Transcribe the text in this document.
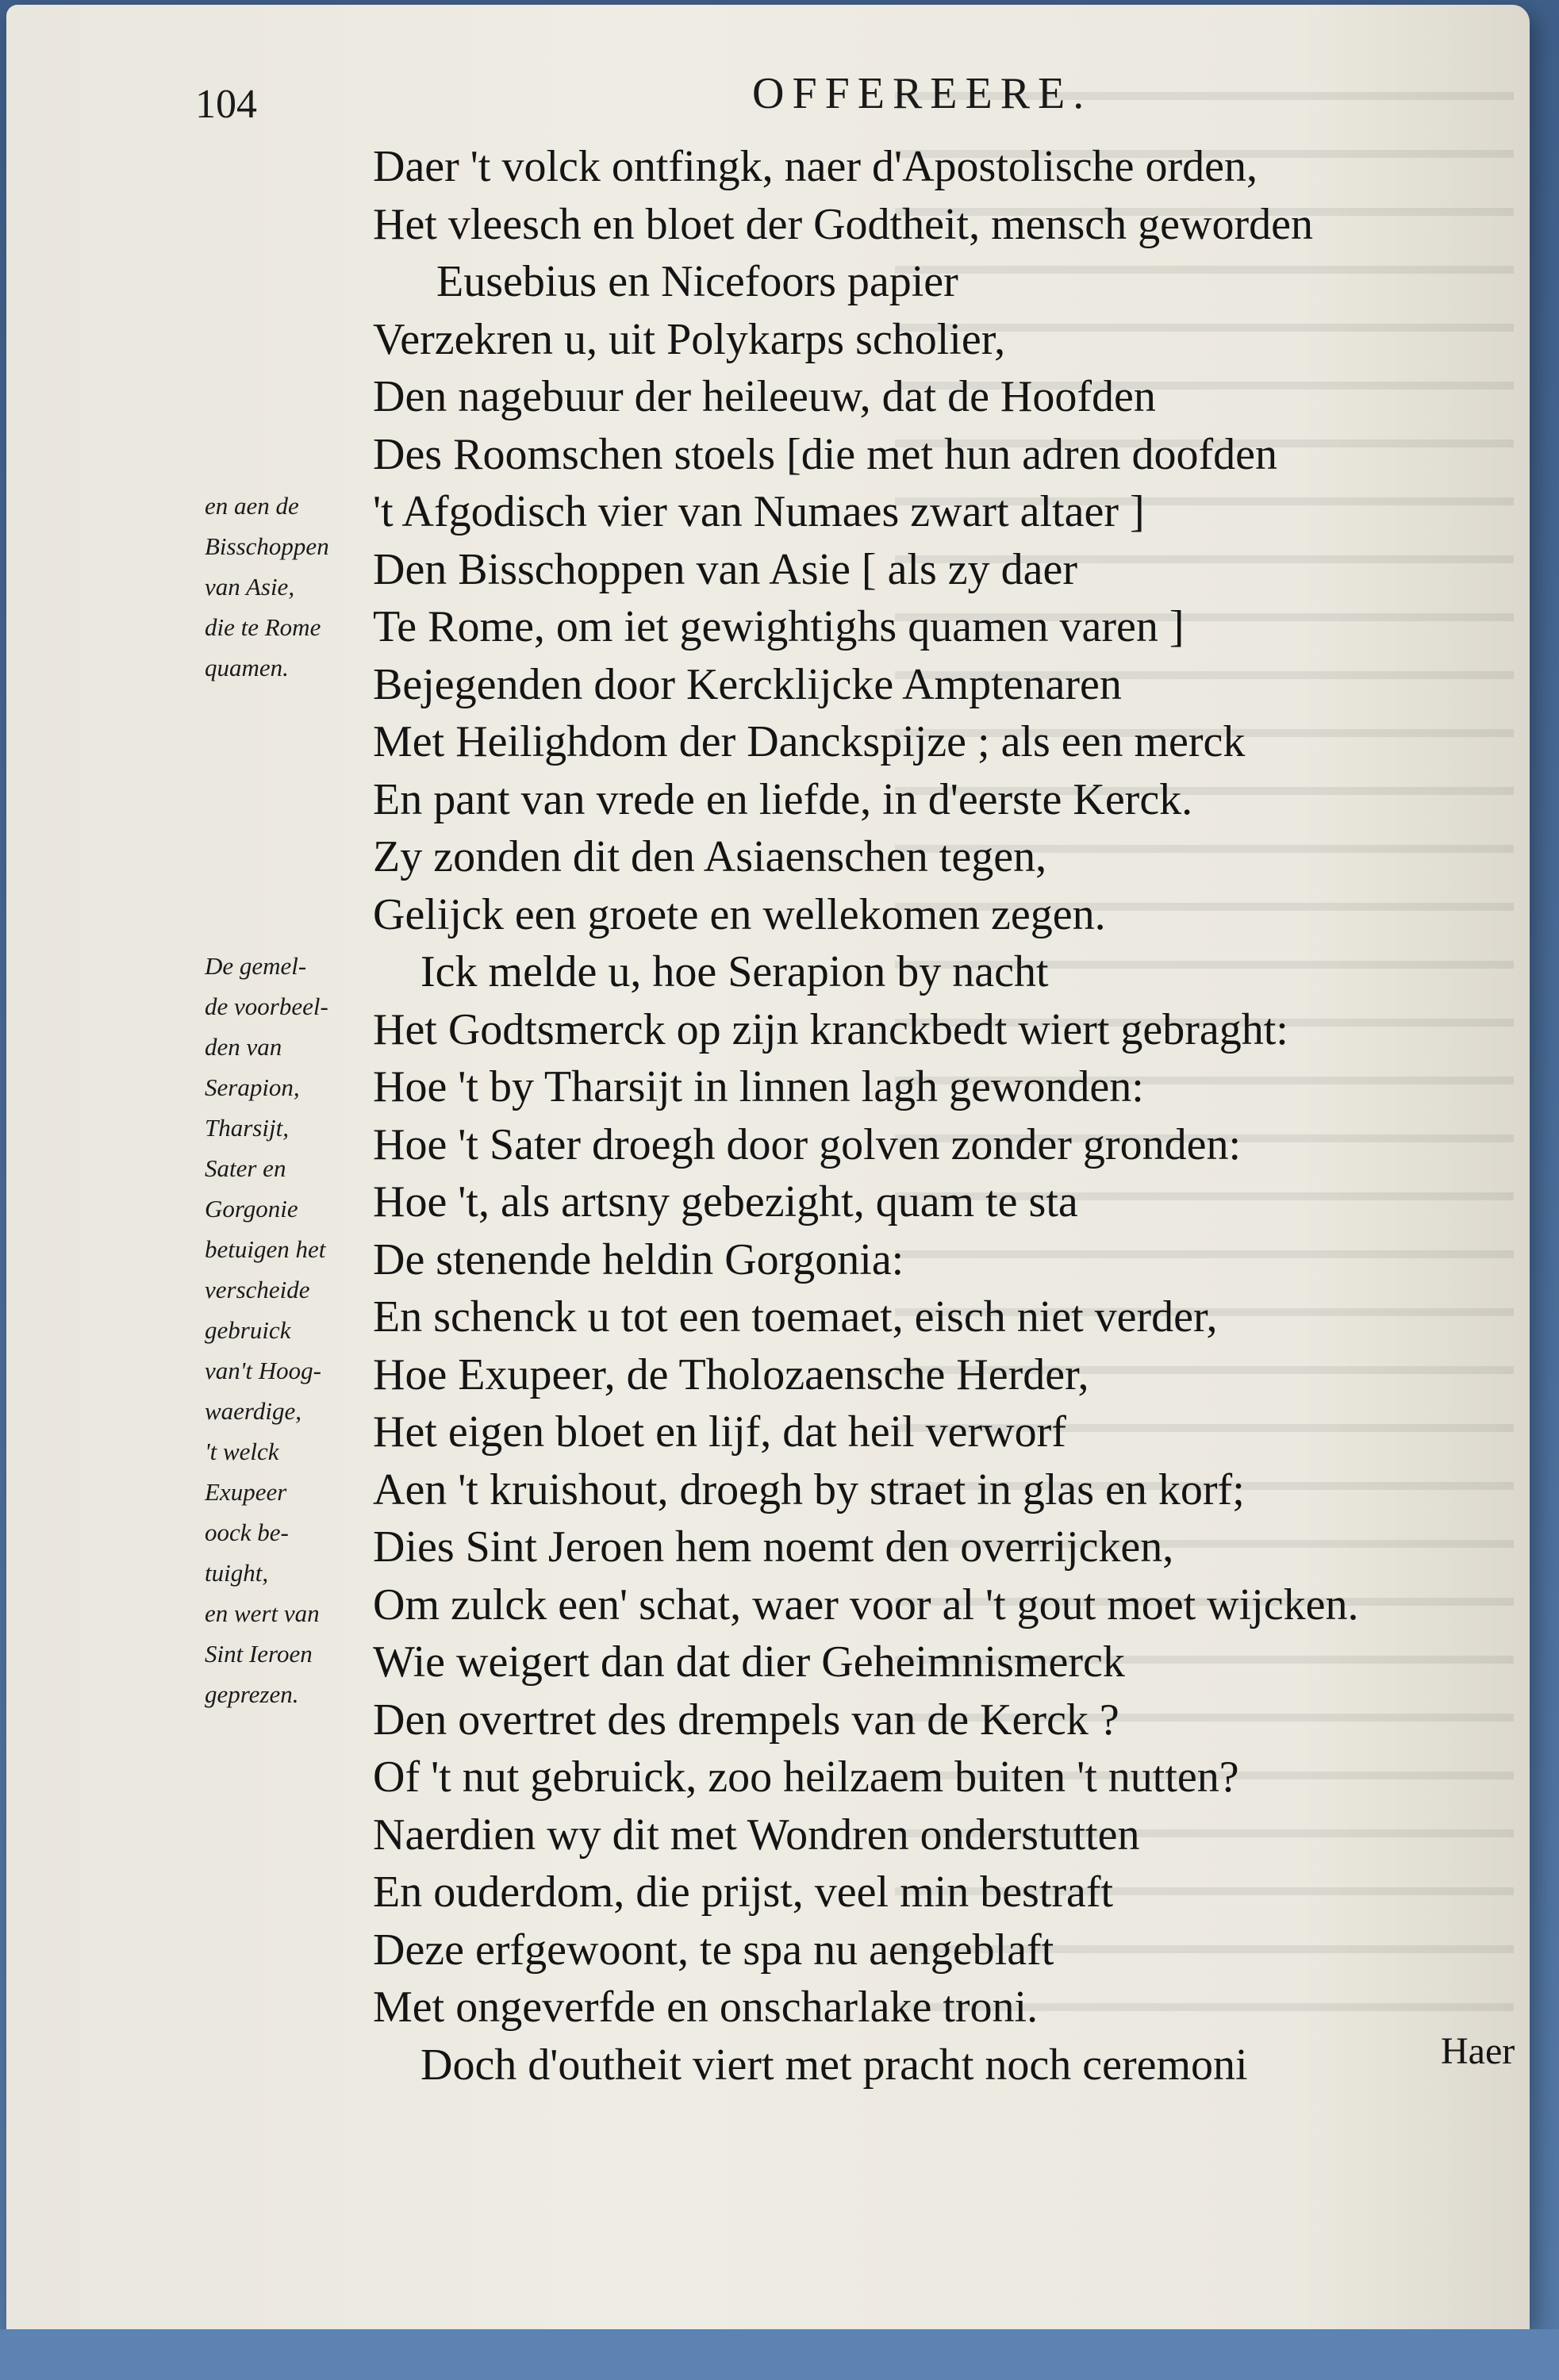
104	OFFEREERE.
en aen de
Bisschoppen
van Asie,
die te Rome
quamen.
De gemel-
de voorbeel-
den van
Serapion,
Tharsijt,
Sater en
Gorgonie
betuigen het
verscheide
gebruick
van't Hoog-
waerdige,
't welck
Exupeer
oock be-
tuight,
en wert van
Sint Ieroen
geprezen.
Daer 't volck ontfingk, naer d'Apostolische orden,
Het vleesch en bloet der Godtheit, mensch geworden
Eusebius en Nicefoors papier
Verzekren u, uit Polykarps scholier,
Den nagebuur der heileeuw, dat de Hoofden
Des Roomschen stoels [die met hun adren doofden
't Afgodisch vier van Numaes zwart altaer ]
Den Bisschoppen van Asie [ als zy daer
Te Rome, om iet gewightighs quamen varen ]
Bejegenden door Kercklijcke Amptenaren
Met Heilighdom der Danckspijze ; als een merck
En pant van vrede en liefde, in d'eerste Kerck.
Zy zonden dit den Asiaenschen tegen,
Gelijck een groete en wellekomen zegen.
Ick melde u, hoe Serapion by nacht
Het Godtsmerck op zijn kranckbedt wiert gebraght:
Hoe 't by Tharsijt in linnen lagh gewonden:
Hoe 't Sater droegh door golven zonder gronden:
Hoe 't, als artsny gebezight, quam te sta
De stenende heldin Gorgonia:
En schenck u tot een toemaet, eisch niet verder,
Hoe Exupeer, de Tholozaensche Herder,
Het eigen bloet en lijf, dat heil verworf
Aen 't kruishout, droegh by straet in glas en korf;
Dies Sint Jeroen hem noemt den overrijcken,
Om zulck een' schat, waer voor al 't gout moet wijcken.
Wie weigert dan dat dier Geheimnismerck
Den overtret des drempels van de Kerck ?
Of 't nut gebruick, zoo heilzaem buiten 't nutten?
Naerdien wy dit met Wondren onderstutten
En ouderdom, die prijst, veel min bestraft
Deze erfgewoont, te spa nu aengeblaft
Met ongeverfde en onscharlake troni.
Doch d'outheit viert met pracht noch ceremoni	Haer
